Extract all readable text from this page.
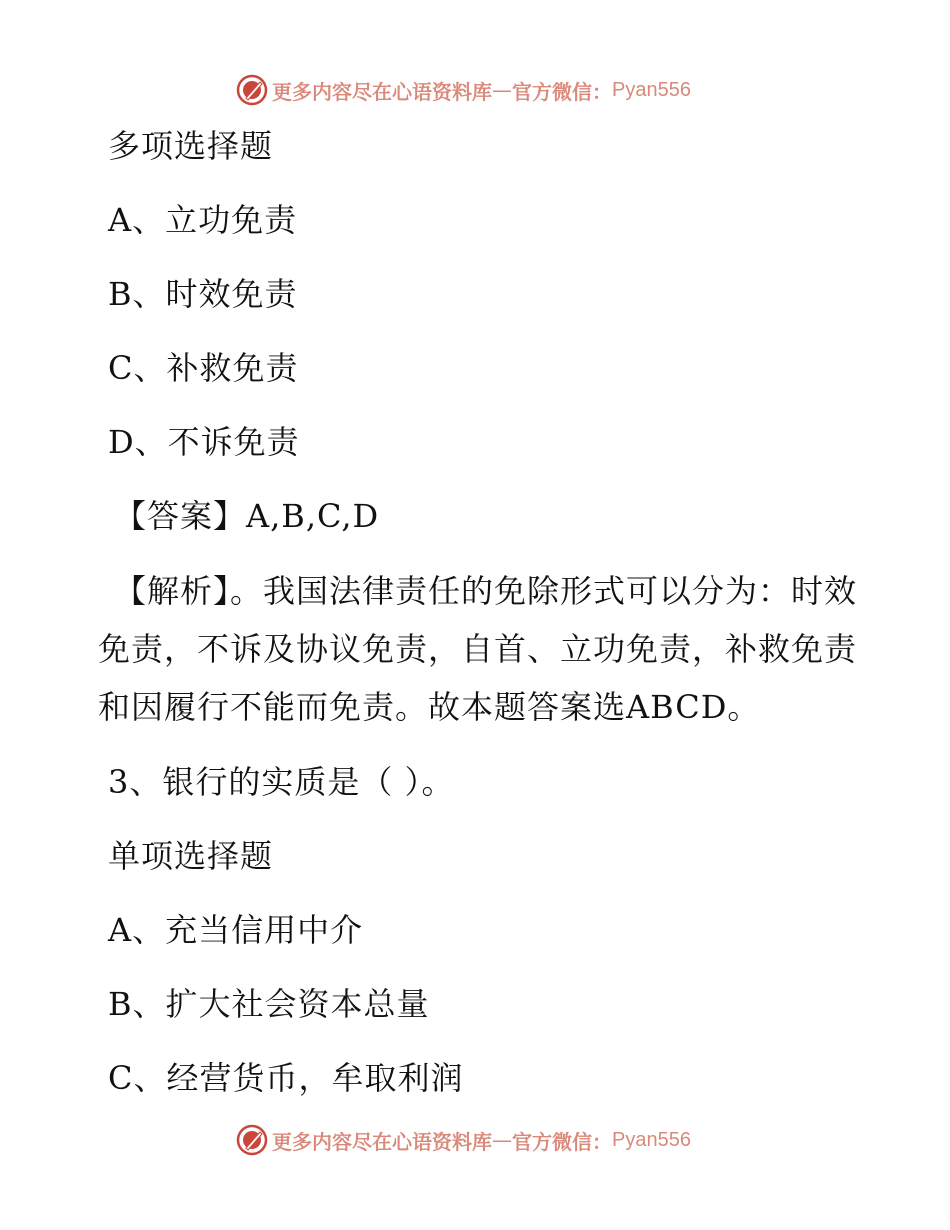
更多内容尽在心语资料库 — 官方微信： Pyan556
多项选择题
A、立功免责
B、时效免责
C、补救免责
D、不诉免责
【答案】A,B,C,D
【解析】。我国法律责任的免除形式可以分为：时效免责，不诉及协议免责，自首、立功免责，补救免责和因履行不能而免责。故本题答案选ABCD。
3、银行的实质是（ ）。
单项选择题
A、充当信用中介
B、扩大社会资本总量
C、经营货币，牟取利润
更多内容尽在心语资料库 — 官方微信： Pyan556
